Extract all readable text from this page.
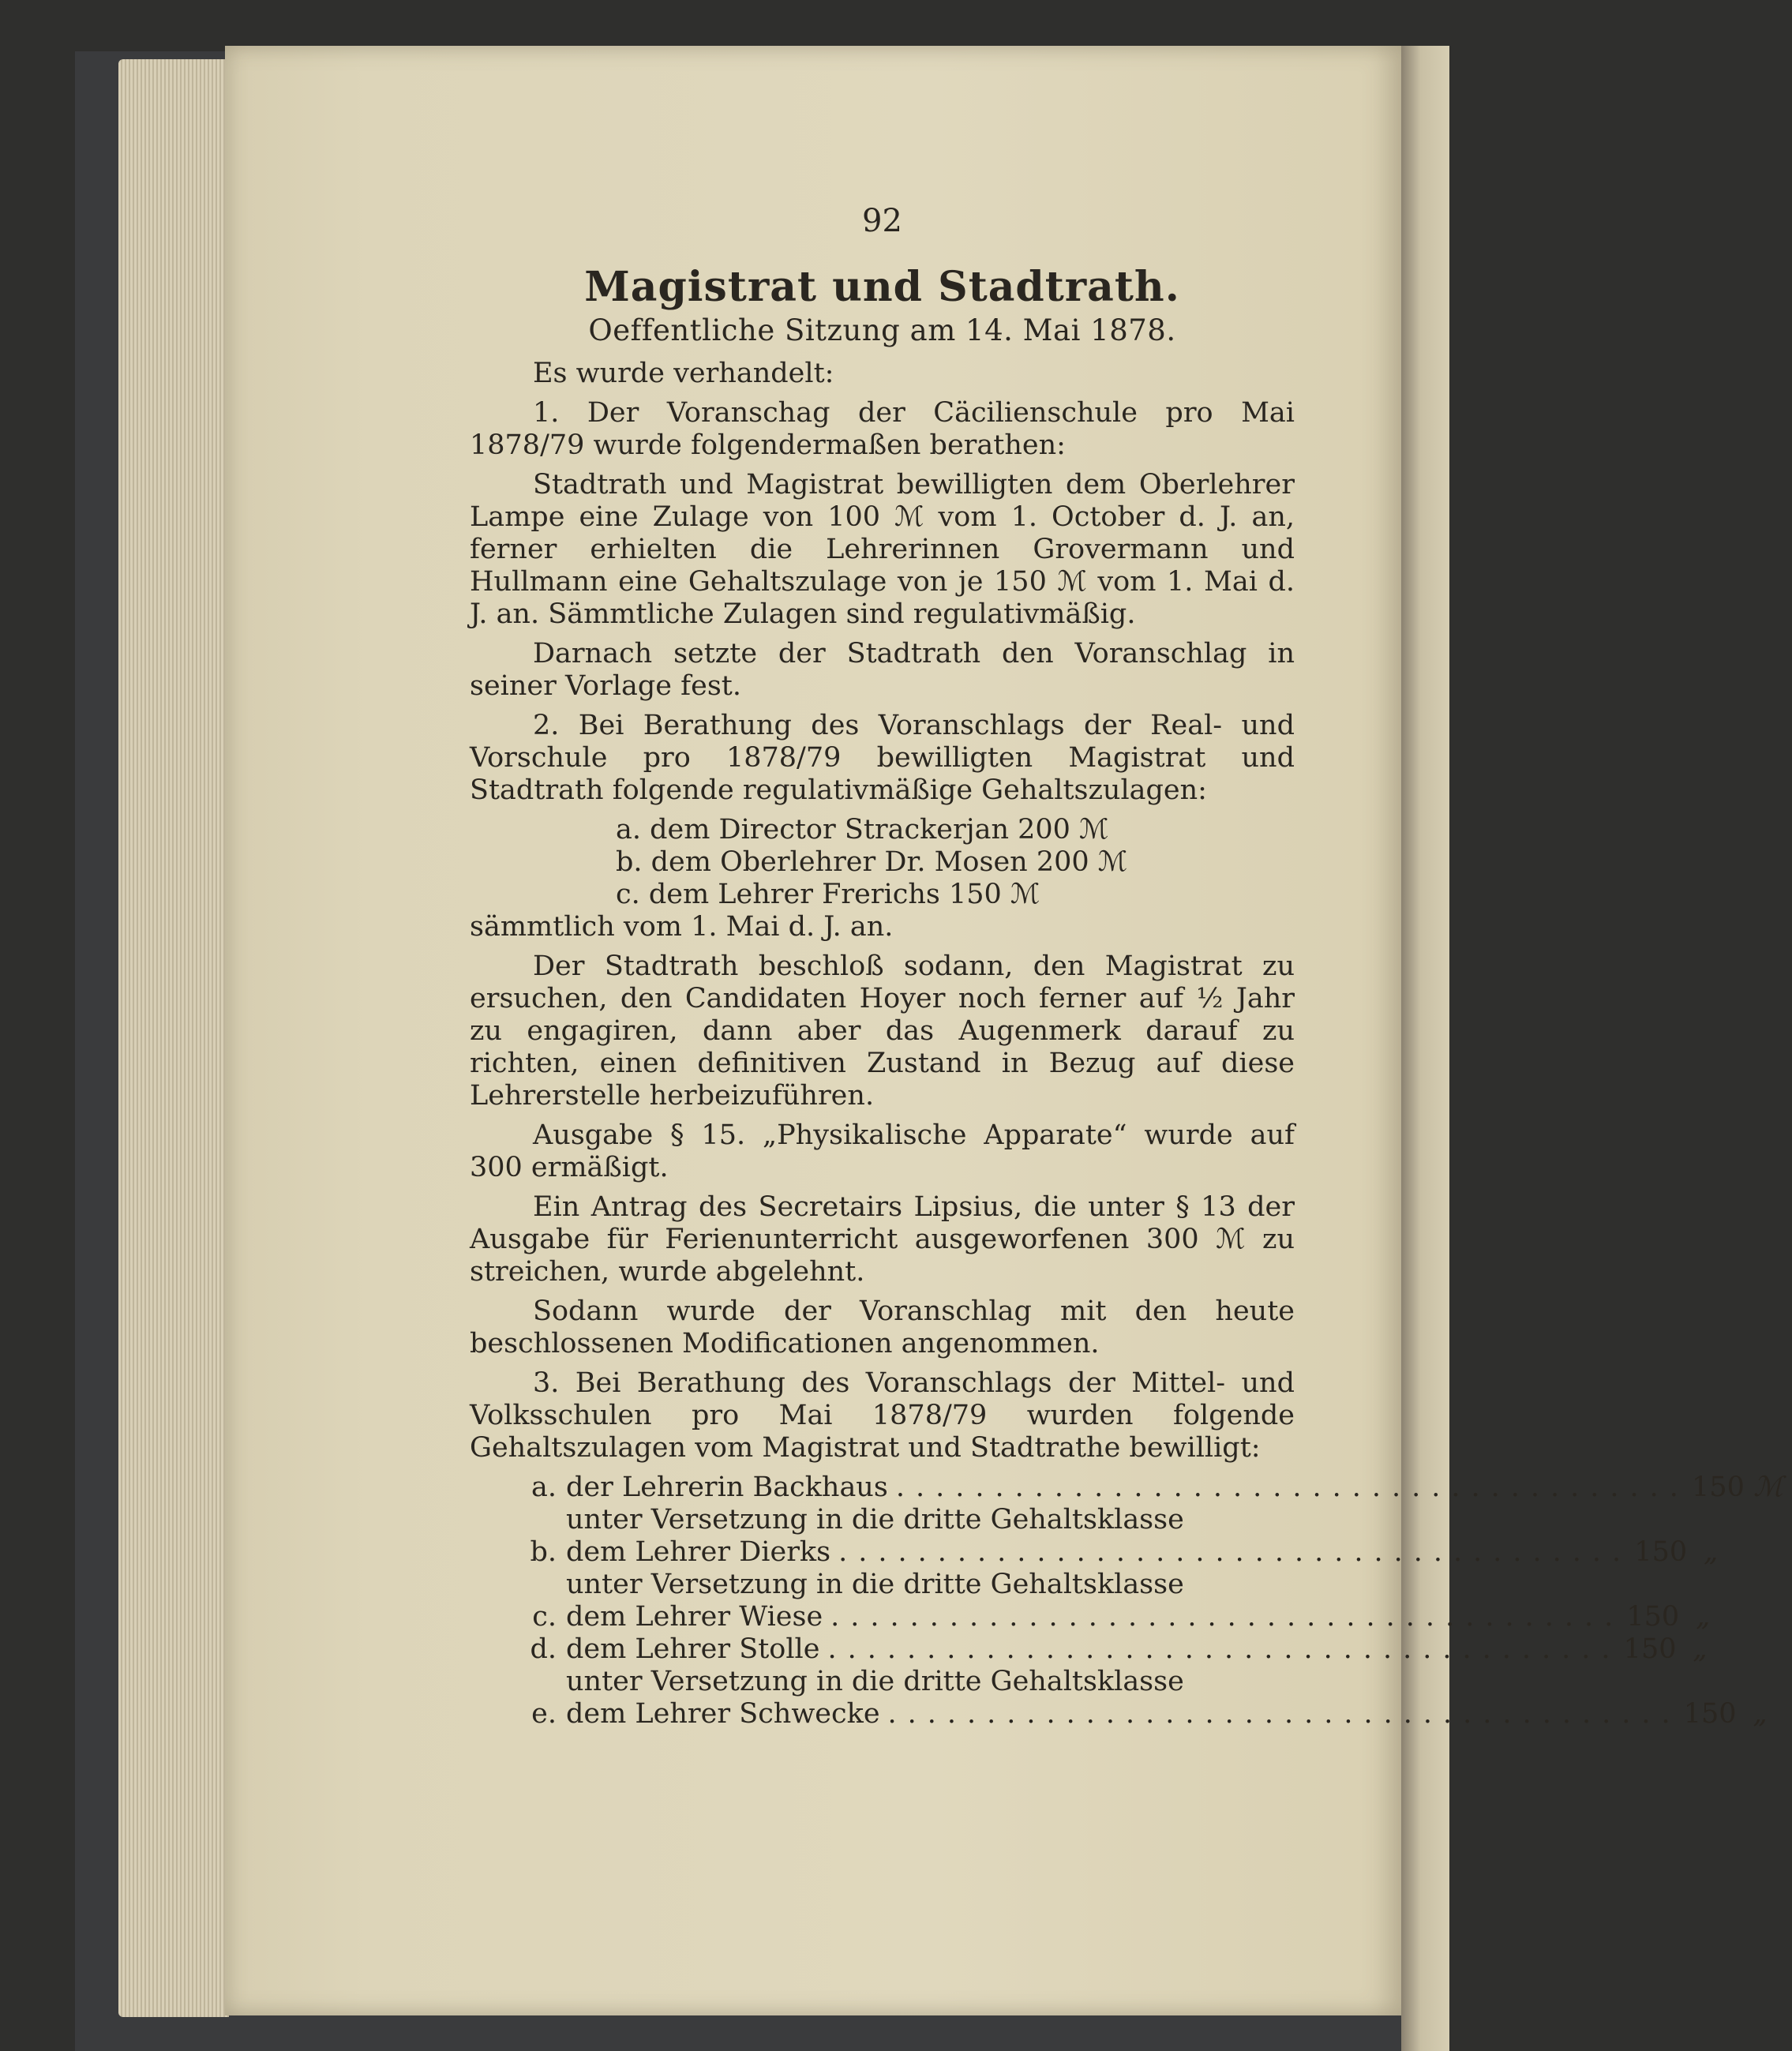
92
Magistrat und Stadtrath.
Oeffentliche Sitzung am 14. Mai 1878.

Es wurde verhandelt:

1. Der Voranschag der Cäcilienschule pro Mai 1878/79 wurde folgendermaßen berathen:

Stadtrath und Magistrat bewilligten dem Oberlehrer Lampe eine Zulage von 100 ℳ vom 1. October d. J. an, ferner erhielten die Lehrerinnen Grovermann und Hullmann eine Gehaltszulage von je 150 ℳ vom 1. Mai d. J. an. Sämmtliche Zulagen sind regulativmäßig.

Darnach setzte der Stadtrath den Voranschlag in seiner Vorlage fest.

2. Bei Berathung des Voranschlags der Real- und Vorschule pro 1878/79 bewilligten Magistrat und Stadtrath folgende regulativmäßige Gehaltszulagen:

a. dem Director Strackerjan 200 ℳ
b. dem Oberlehrer Dr. Mosen 200 ℳ
c. dem Lehrer Frerichs 150 ℳ
sämmtlich vom 1. Mai d. J. an.

Der Stadtrath beschloß sodann, den Magistrat zu ersuchen, den Candidaten Hoyer noch ferner auf ½ Jahr zu engagiren, dann aber das Augenmerk darauf zu richten, einen definitiven Zustand in Bezug auf diese Lehrerstelle herbeizuführen.

Ausgabe § 15. „Physikalische Apparate“ wurde auf 300 ermäßigt.

Ein Antrag des Secretairs Lipsius, die unter § 13 der Ausgabe für Ferienunterricht ausgeworfenen 300 ℳ zu streichen, wurde abgelehnt.

Sodann wurde der Voranschlag mit den heute beschlossenen Modificationen angenommen.

3. Bei Berathung des Voranschlags der Mittel- und Volksschulen pro Mai 1878/79 wurden folgende Gehaltszulagen vom Magistrat und Stadtrathe bewilligt:

a. der Lehrerin Backhaus ........................................ 150 ℳ
unter Versetzung in die dritte Gehaltsklasse
b. dem Lehrer Dierks ........................................ 150 „
unter Versetzung in die dritte Gehaltsklasse
c. dem Lehrer Wiese ........................................ 150 „
d. dem Lehrer Stolle ........................................ 150 „
unter Versetzung in die dritte Gehaltsklasse
e. dem Lehrer Schwecke ........................................ 150 „
